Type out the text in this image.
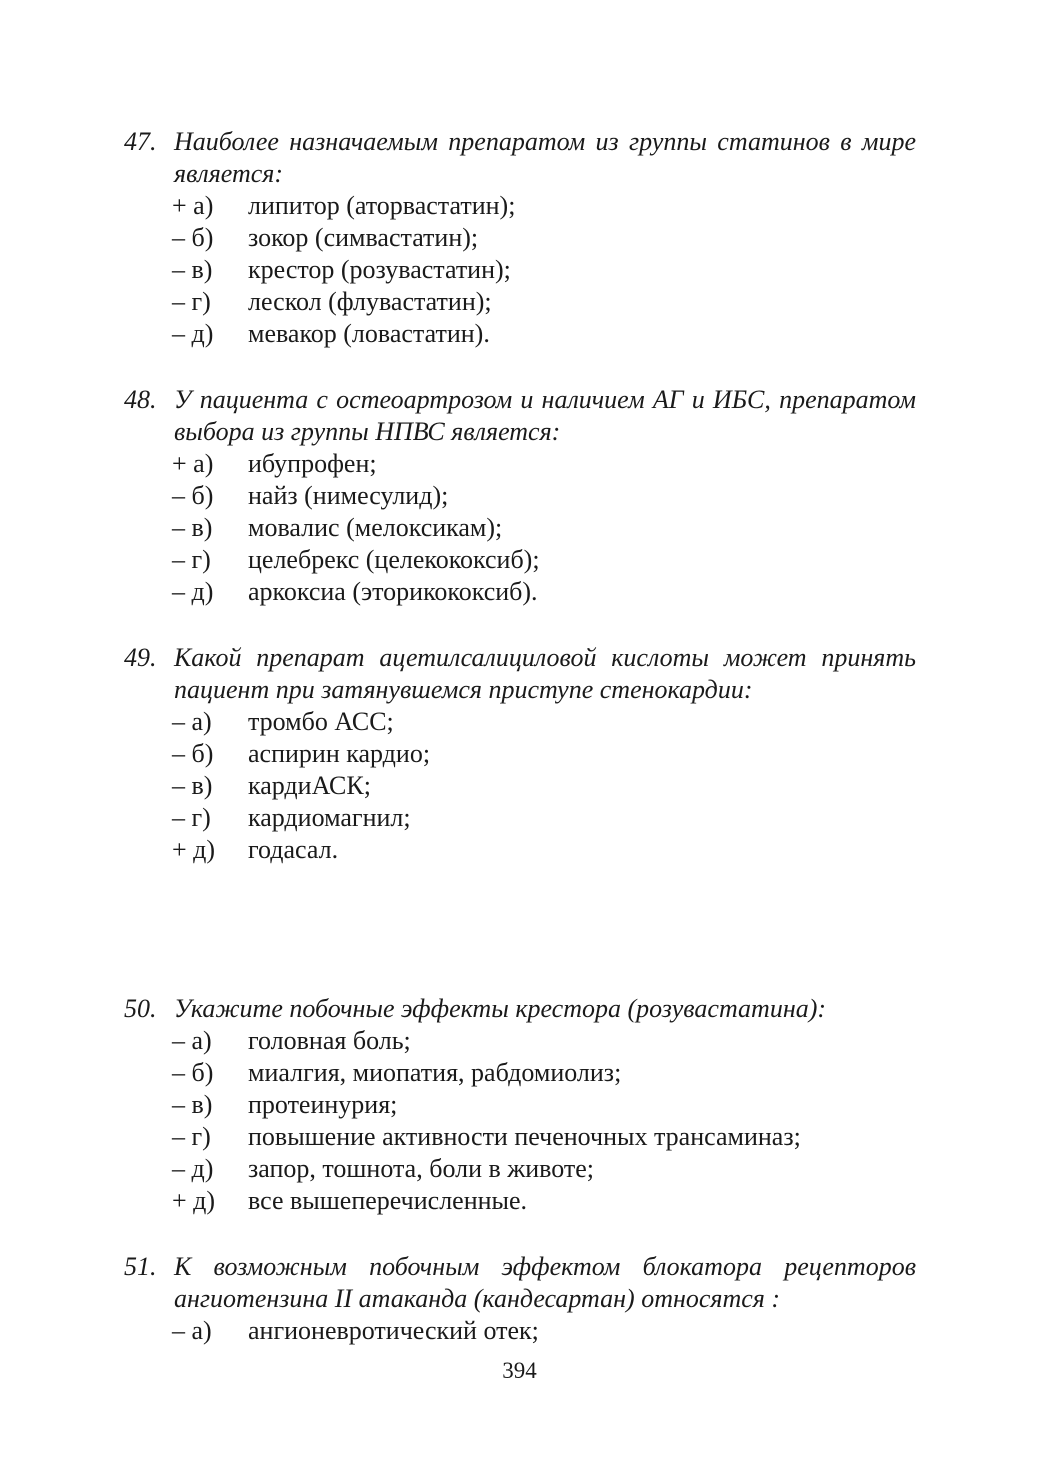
47. Наиболее назначаемым препаратом из группы статинов в мире является:
+ а) липитор (аторвастатин);
– б) зокор (симвастатин);
– в) крестор (розувастатин);
– г) лескол (флувастатин);
– д) мевакор (ловастатин).
48. У пациента с остеоартрозом и наличием АГ и ИБС, препаратом выбора из группы НПВС является:
+ а) ибупрофен;
– б) найз (нимесулид);
– в) мовалис (мелоксикам);
– г) целебрекс (целекококсиб);
– д) аркоксиа (эторикококсиб).
49. Какой препарат ацетилсалициловой кислоты может принять пациент при затянувшемся приступе стенокардии:
– а) тромбо АСС;
– б) аспирин кардио;
– в) кардиАСК;
– г) кардиомагнил;
+ д) годасал.
50. Укажите побочные эффекты крестора (розувастатина):
– а) головная боль;
– б) миалгия, миопатия, рабдомиолиз;
– в) протеинурия;
– г) повышение активности печеночных трансаминаз;
– д) запор, тошнота, боли в животе;
+ д) все вышеперечисленные.
51. К возможным побочным эффектом блокатора рецепторов ангиотензина II атаканда (кандесартан) относятся :
– а) ангионевротический отек;
394
